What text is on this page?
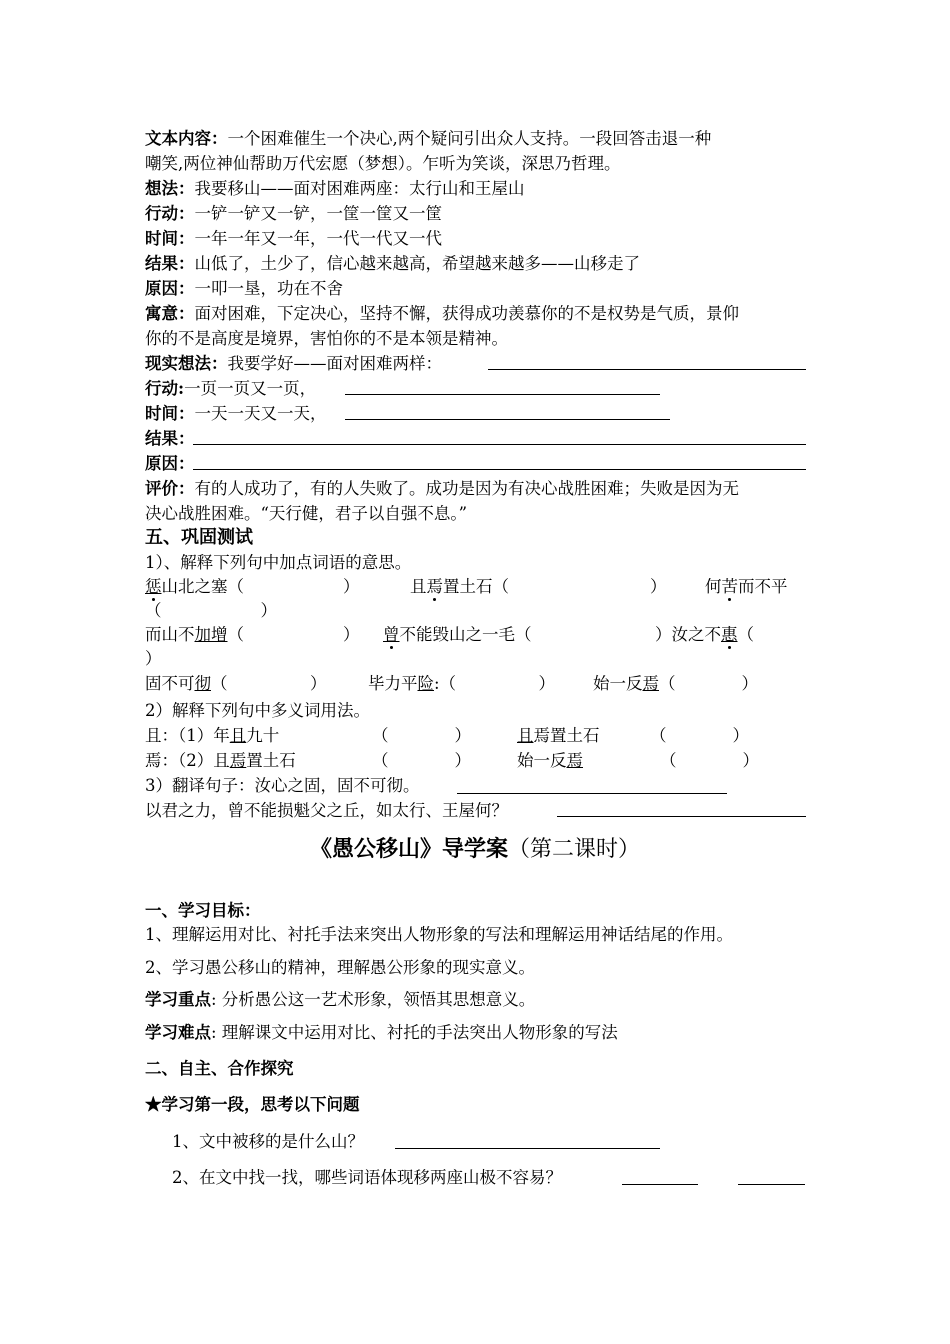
文本内容：一个困难催生一个决心,两个疑问引出众人支持。一段回答击退一种
嘲笑,两位神仙帮助万代宏愿（梦想）。乍听为笑谈，深思乃哲理。
想法：我要移山——面对困难两座：太行山和王屋山
行动：一铲一铲又一铲，一筐一筐又一筐
时间：一年一年又一年，一代一代又一代
结果：山低了，土少了，信心越来越高，希望越来越多——山移走了
原因：一叩一垦，功在不舍
寓意：面对困难，下定决心，坚持不懈，获得成功羡慕你的不是权势是气质，景仰
你的不是高度是境界，害怕你的不是本领是精神。
现实想法：我要学好——面对困难两样：
行动:一页一页又一页，
时间：一天一天又一天，
结果：
原因：
评价：有的人成功了，有的人失败了。成功是因为有决心战胜困难；失败是因为无
决心战胜困难。“天行健，君子以自强不息。”
五、巩固测试
1）、解释下列句中加点词语的意思。
惩山北之塞（　　　　　　）	且焉置土石（	） 何苦而不平
（　　　　　　）
而山不加增（　　　　　　） 曾不能毁山之一毛（	）汝之不惠（
）
固不可彻（　　　　　）	毕力平险:（　　　　　） 始一反焉（　　　　）
2）解释下列句中多义词用法。
且：（1）年且九十	（　　　　）	且焉置土石	（　　　　）
焉：（2）且焉置土石	（　　　　）	始一反焉	（　　　　）
3）翻译句子：汝心之固，固不可彻。
以君之力，曾不能损魁父之丘，如太行、王屋何？
《愚公移山》导学案（第二课时）
一、学习目标：
1、理解运用对比、衬托手法来突出人物形象的写法和理解运用神话结尾的作用。
2、学习愚公移山的精神，理解愚公形象的现实意义。
学习重点: 分析愚公这一艺术形象，领悟其思想意义。
学习难点: 理解课文中运用对比、衬托的手法突出人物形象的写法
二、自主、合作探究
★学习第一段，思考以下问题
1、文中被移的是什么山？
2、在文中找一找，哪些词语体现移两座山极不容易？
